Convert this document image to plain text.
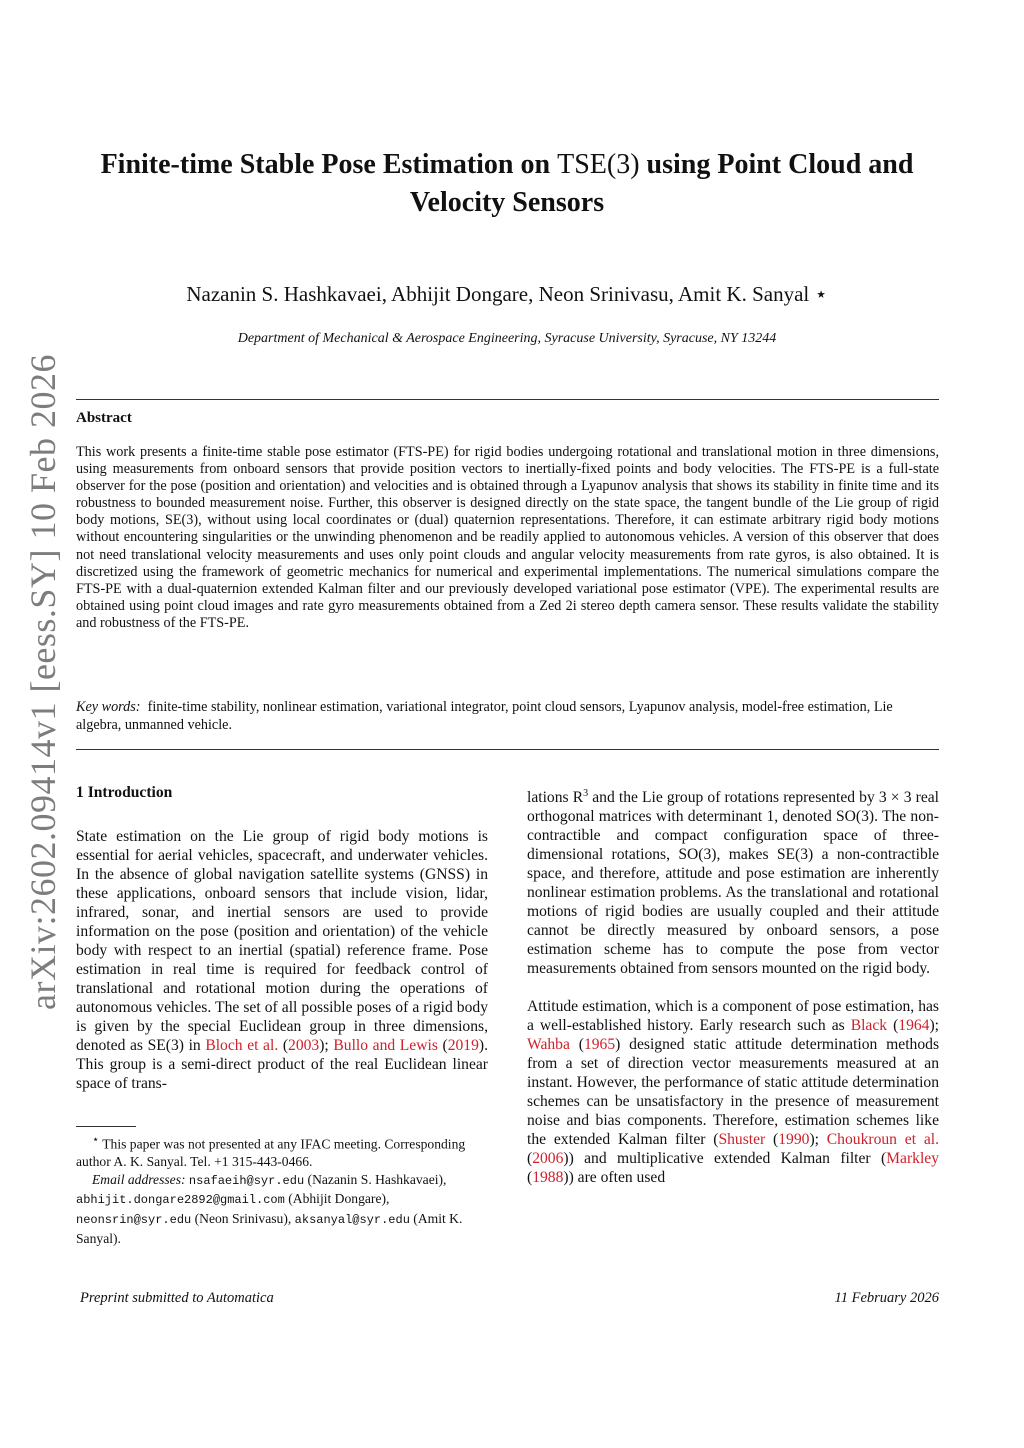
arXiv:2602.09414v1 [eess.SY] 10 Feb 2026
Finite-time Stable Pose Estimation on TSE(3) using Point Cloud and Velocity Sensors
Nazanin S. Hashkavaei, Abhijit Dongare, Neon Srinivasu, Amit K. Sanyal ⋆
Department of Mechanical & Aerospace Engineering, Syracuse University, Syracuse, NY 13244
Abstract
This work presents a finite-time stable pose estimator (FTS-PE) for rigid bodies undergoing rotational and translational motion in three dimensions, using measurements from onboard sensors that provide position vectors to inertially-fixed points and body velocities. The FTS-PE is a full-state observer for the pose (position and orientation) and velocities and is obtained through a Lyapunov analysis that shows its stability in finite time and its robustness to bounded measurement noise. Further, this observer is designed directly on the state space, the tangent bundle of the Lie group of rigid body motions, SE(3), without using local coordinates or (dual) quaternion representations. Therefore, it can estimate arbitrary rigid body motions without encountering singularities or the unwinding phenomenon and be readily applied to autonomous vehicles. A version of this observer that does not need translational velocity measurements and uses only point clouds and angular velocity measurements from rate gyros, is also obtained. It is discretized using the framework of geometric mechanics for numerical and experimental implementations. The numerical simulations compare the FTS-PE with a dual-quaternion extended Kalman filter and our previously developed variational pose estimator (VPE). The experimental results are obtained using point cloud images and rate gyro measurements obtained from a Zed 2i stereo depth camera sensor. These results validate the stability and robustness of the FTS-PE.
Key words: finite-time stability, nonlinear estimation, variational integrator, point cloud sensors, Lyapunov analysis, model-free estimation, Lie algebra, unmanned vehicle.
1 Introduction

State estimation on the Lie group of rigid body motions is essential for aerial vehicles, spacecraft, and underwater vehicles. In the absence of global navigation satellite systems (GNSS) in these applications, onboard sensors that include vision, lidar, infrared, sonar, and inertial sensors are used to provide information on the pose (position and orientation) of the vehicle body with respect to an inertial (spatial) reference frame. Pose estimation in real time is required for feedback control of translational and rotational motion during the operations of autonomous vehicles. The set of all possible poses of a rigid body is given by the special Euclidean group in three dimensions, denoted as SE(3) in Bloch et al. (2003); Bullo and Lewis (2019). This group is a semi-direct product of the real Euclidean linear space of trans-

lations $R^3$ and the Lie group of rotations represented by 3 × 3 real orthogonal matrices with determinant 1, denoted SO(3). The non-contractible and compact configuration space of three-dimensional rotations, SO(3), makes SE(3) a non-contractible space, and therefore, attitude and pose estimation are inherently nonlinear estimation problems. As the translational and rotational motions of rigid bodies are usually coupled and their attitude cannot be directly measured by onboard sensors, a pose estimation scheme has to compute the pose from vector measurements obtained from sensors mounted on the rigid body.

Attitude estimation, which is a component of pose estimation, has a well-established history. Early research such as Black (1964); Wahba (1965) designed static attitude determination methods from a set of direction vector measurements measured at an instant. However, the performance of static attitude determination schemes can be unsatisfactory in the presence of measurement noise and bias components. Therefore, estimation schemes like the extended Kalman filter (Shuster (1990); Choukroun et al. (2006)) and multiplicative extended Kalman filter (Markley (1988)) are often used

⋆ This paper was not presented at any IFAC meeting. Corresponding author A. K. Sanyal. Tel. +1 315-443-0466.

Email addresses: nsafaeih@syr.edu (Nazanin S. Hashkavaei), abhijit.dongare2892@gmail.com (Abhijit Dongare), neonsrin@syr.edu (Neon Srinivasu), aksanyal@syr.edu (Amit K. Sanyal).

Preprint submitted to Automatica	11 February 2026
